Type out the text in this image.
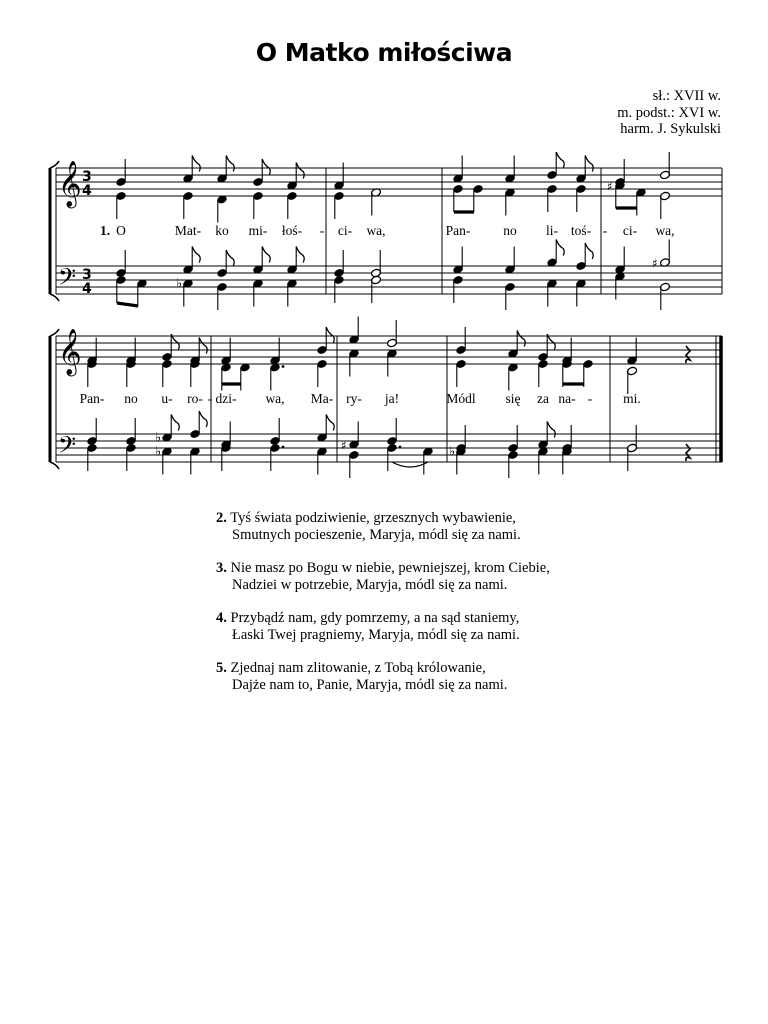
O Matko miłościwa
sł.: XVII w.
m. podst.: XVI w.
harm. J. Sykulski
𝄞
𝄢
3
4
3
4
♯
♭
♯
1. O	Mat- ko mi- łoś- - ci- wa,	Pan- no li- toś- - ci- wa,
𝄞
𝄢	♭
♭	♯	♭
Pan- no u- ro- - dzi- wa, Ma- ry- ja!	Módl się za na- - mi.
2. Tyś świata podziwienie, grzesznych wybawienie,
Smutnych pocieszenie, Maryja, módl się za nami.
3. Nie masz po Bogu w niebie, pewniejszej, krom Ciebie,
Nadziei w potrzebie, Maryja, módl się za nami.
4. Przybądź nam, gdy pomrzemy, a na sąd staniemy,
Łaski Twej pragniemy, Maryja, módl się za nami.
5. Zjednaj nam zlitowanie, z Tobą królowanie,
Dajże nam to, Panie, Maryja, módl się za nami.
